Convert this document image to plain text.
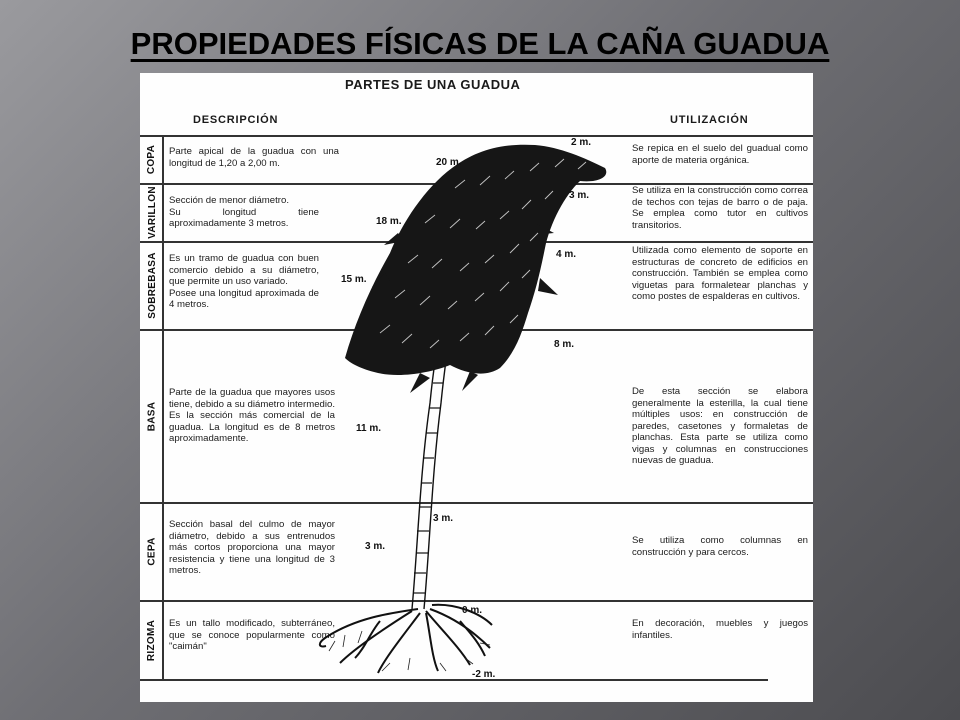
PROPIEDADES FÍSICAS DE LA CAÑA GUADUA
PARTES DE UNA GUADUA
DESCRIPCIÓN	UTILIZACIÓN
COPA
VARILLON
SOBREBASA
BASA
CEPA
RIZOMA
Parte apical de la guadua con una longitud de 1,20 a 2,00 m.
Sección de menor diámetro.
Su longitud tiene aproximadamente 3 metros.
Es un tramo de guadua con buen comercio debido a su diámetro, que permite un uso variado.
Posee una longitud aproximada de 4 metros.
Parte de la guadua que mayores usos tiene, debido a su diámetro intermedio. Es la sección más comercial de la guadua. La longitud es de 8 metros aproximadamente.
Sección basal del culmo de mayor diámetro, debido a sus entrenudos más cortos proporciona una mayor resistencia y tiene una longitud de 3 metros.
Es un tallo modificado, subterráneo, que se conoce popularmente como "caimán"
Se repica en el suelo del guadual como aporte de materia orgánica.
Se utiliza en la construcción como correa de techos con tejas de barro o de paja. Se emplea como tutor en cultivos transitorios.
Utilizada como elemento de soporte en estructuras de concreto de edificios en construcción. También se emplea como viguetas para formaletear planchas y como postes de espalderas en cultivos.
De esta sección se elabora generalmente la esterilla, la cual tiene múltiples usos: en construcción de paredes, casetones y formaletas de planchas. Esta parte se utiliza como vigas y columnas en construcciones nuevas de guadua.
Se utiliza como columnas en construcción y para cercos.
En decoración, muebles y juegos infantiles.
20 m.
18 m.
15 m.
11 m.
3 m.
2 m.
3 m.
4 m.
8 m.
3 m.
0 m.
-2 m.
